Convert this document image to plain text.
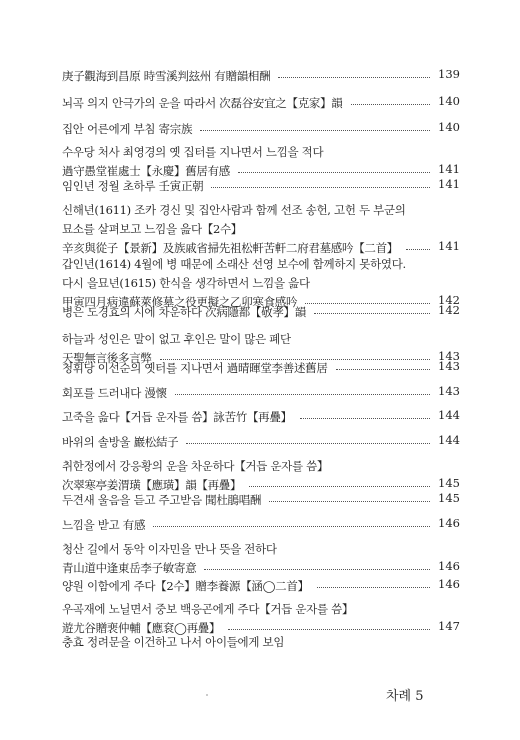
庚子觀海到昌原 時雪溪判玆州 有贈韻相酬	139
뇌곡 의지 안극가의 운을 따라서 次磊谷安宜之【克家】韻	140
집안 어른에게 부침 寄宗族	140
수우당 처사 최영경의 옛 집터를 지나면서 느낌을 적다
過守愚堂崔處士【永慶】舊居有感	141
임인년 정월 초하루 壬寅正朝	141
신해년(1611) 조카 경신 및 집안사람과 함께 선조 송헌, 고헌 두 부군의
묘소를 살펴보고 느낌을 읊다【2수】
辛亥與從子【景新】及族戚省掃先祖松軒苦軒二府君墓感吟【二首】	141
갑인년(1614) 4월에 병 때문에 소래산 선영 보수에 함께하지 못하였다.
다시 을묘년(1615) 한식을 생각하면서 느낌을 읊다
甲寅四月病違蘇萊修墓之役更擬之乙卯寒食感吟	142
병은 도경효의 시에 차운하다 次病隱都【敬孝】韻	142
하늘과 성인은 말이 없고 후인은 말이 많은 폐단
天聖無言後多言弊	143
청휘당 이선순의 옛터를 지나면서 過晴暉堂李善述舊居	143
회포를 드러내다 漫懷	143
고죽을 읊다【거듭 운자를 씀】詠苦竹【再疊】	144
바위의 솔방울 巖松結子	144
취한정에서 강응황의 운을 차운하다【거듭 운자를 씀】
次翠寒亭姜渭璜【應璜】韻【再疊】	145
두견새 울음을 듣고 주고받음 聞杜鵑唱酬	145
느낌을 받고 有感	146
청산 길에서 동악 이자민을 만나 뜻을 전하다
青山道中逢東岳李子敏寄意	146
양원 이함에게 주다【2수】贈李養源【涵◯二首】	146
우곡재에 노닐면서 중보 백응곤에게 주다【거듭 운자를 씀】
遊尤谷贈裵仲輔【應袞◯再疊】	147
충효 정려문을 이건하고 나서 아이들에게 보임
차례 5
